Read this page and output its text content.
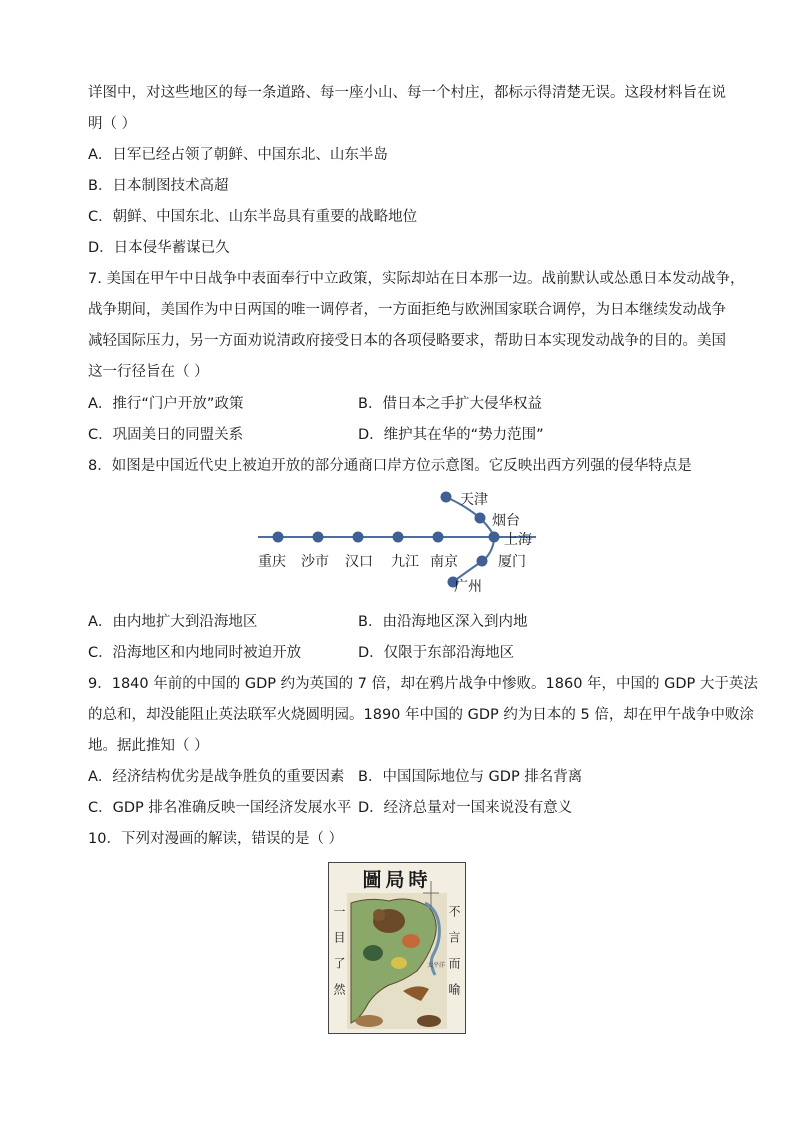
详图中，对这些地区的每一条道路、每一座小山、每一个村庄，都标示得清楚无误。这段材料旨在说
明（ ）
A．日军已经占领了朝鲜、中国东北、山东半岛
B．日本制图技术高超
C．朝鲜、中国东北、山东半岛具有重要的战略地位
D．日本侵华蓄谋已久
7. 美国在甲午中日战争中表面奉行中立政策，实际却站在日本那一边。战前默认或怂恿日本发动战争，
战争期间，美国作为中日两国的唯一调停者，一方面拒绝与欧洲国家联合调停，为日本继续发动战争
减轻国际压力，另一方面劝说清政府接受日本的各项侵略要求，帮助日本实现发动战争的目的。美国
这一行径旨在（ ）
A．推行“门户开放”政策	B．借日本之手扩大侵华权益
C．巩固美日的同盟关系	D．维护其在华的“势力范围”
8．如图是中国近代史上被迫开放的部分通商口岸方位示意图。它反映出西方列强的侵华特点是
天津
烟台
上海
重庆 沙市 汉口 九江 南京	厦门
广州
A．由内地扩大到沿海地区	B．由沿海地区深入到内地
C．沿海地区和内地同时被迫开放	D．仅限于东部沿海地区
9．1840 年前的中国的 GDP 约为英国的 7 倍，却在鸦片战争中惨败。1860 年，中国的 GDP 大于英法
的总和，却没能阻止英法联军火烧圆明园。1890 年中国的 GDP 约为日本的 5 倍，却在甲午战争中败涂
地。据此推知（ ）
A．经济结构优劣是战争胜负的重要因素 B．中国国际地位与 GDP 排名背离
C．GDP 排名准确反映一国经济发展水平 D．经济总量对一国来说没有意义
10．下列对漫画的解读，错误的是（ ）
圖局時
太平洋
一目了然	不言而喻
